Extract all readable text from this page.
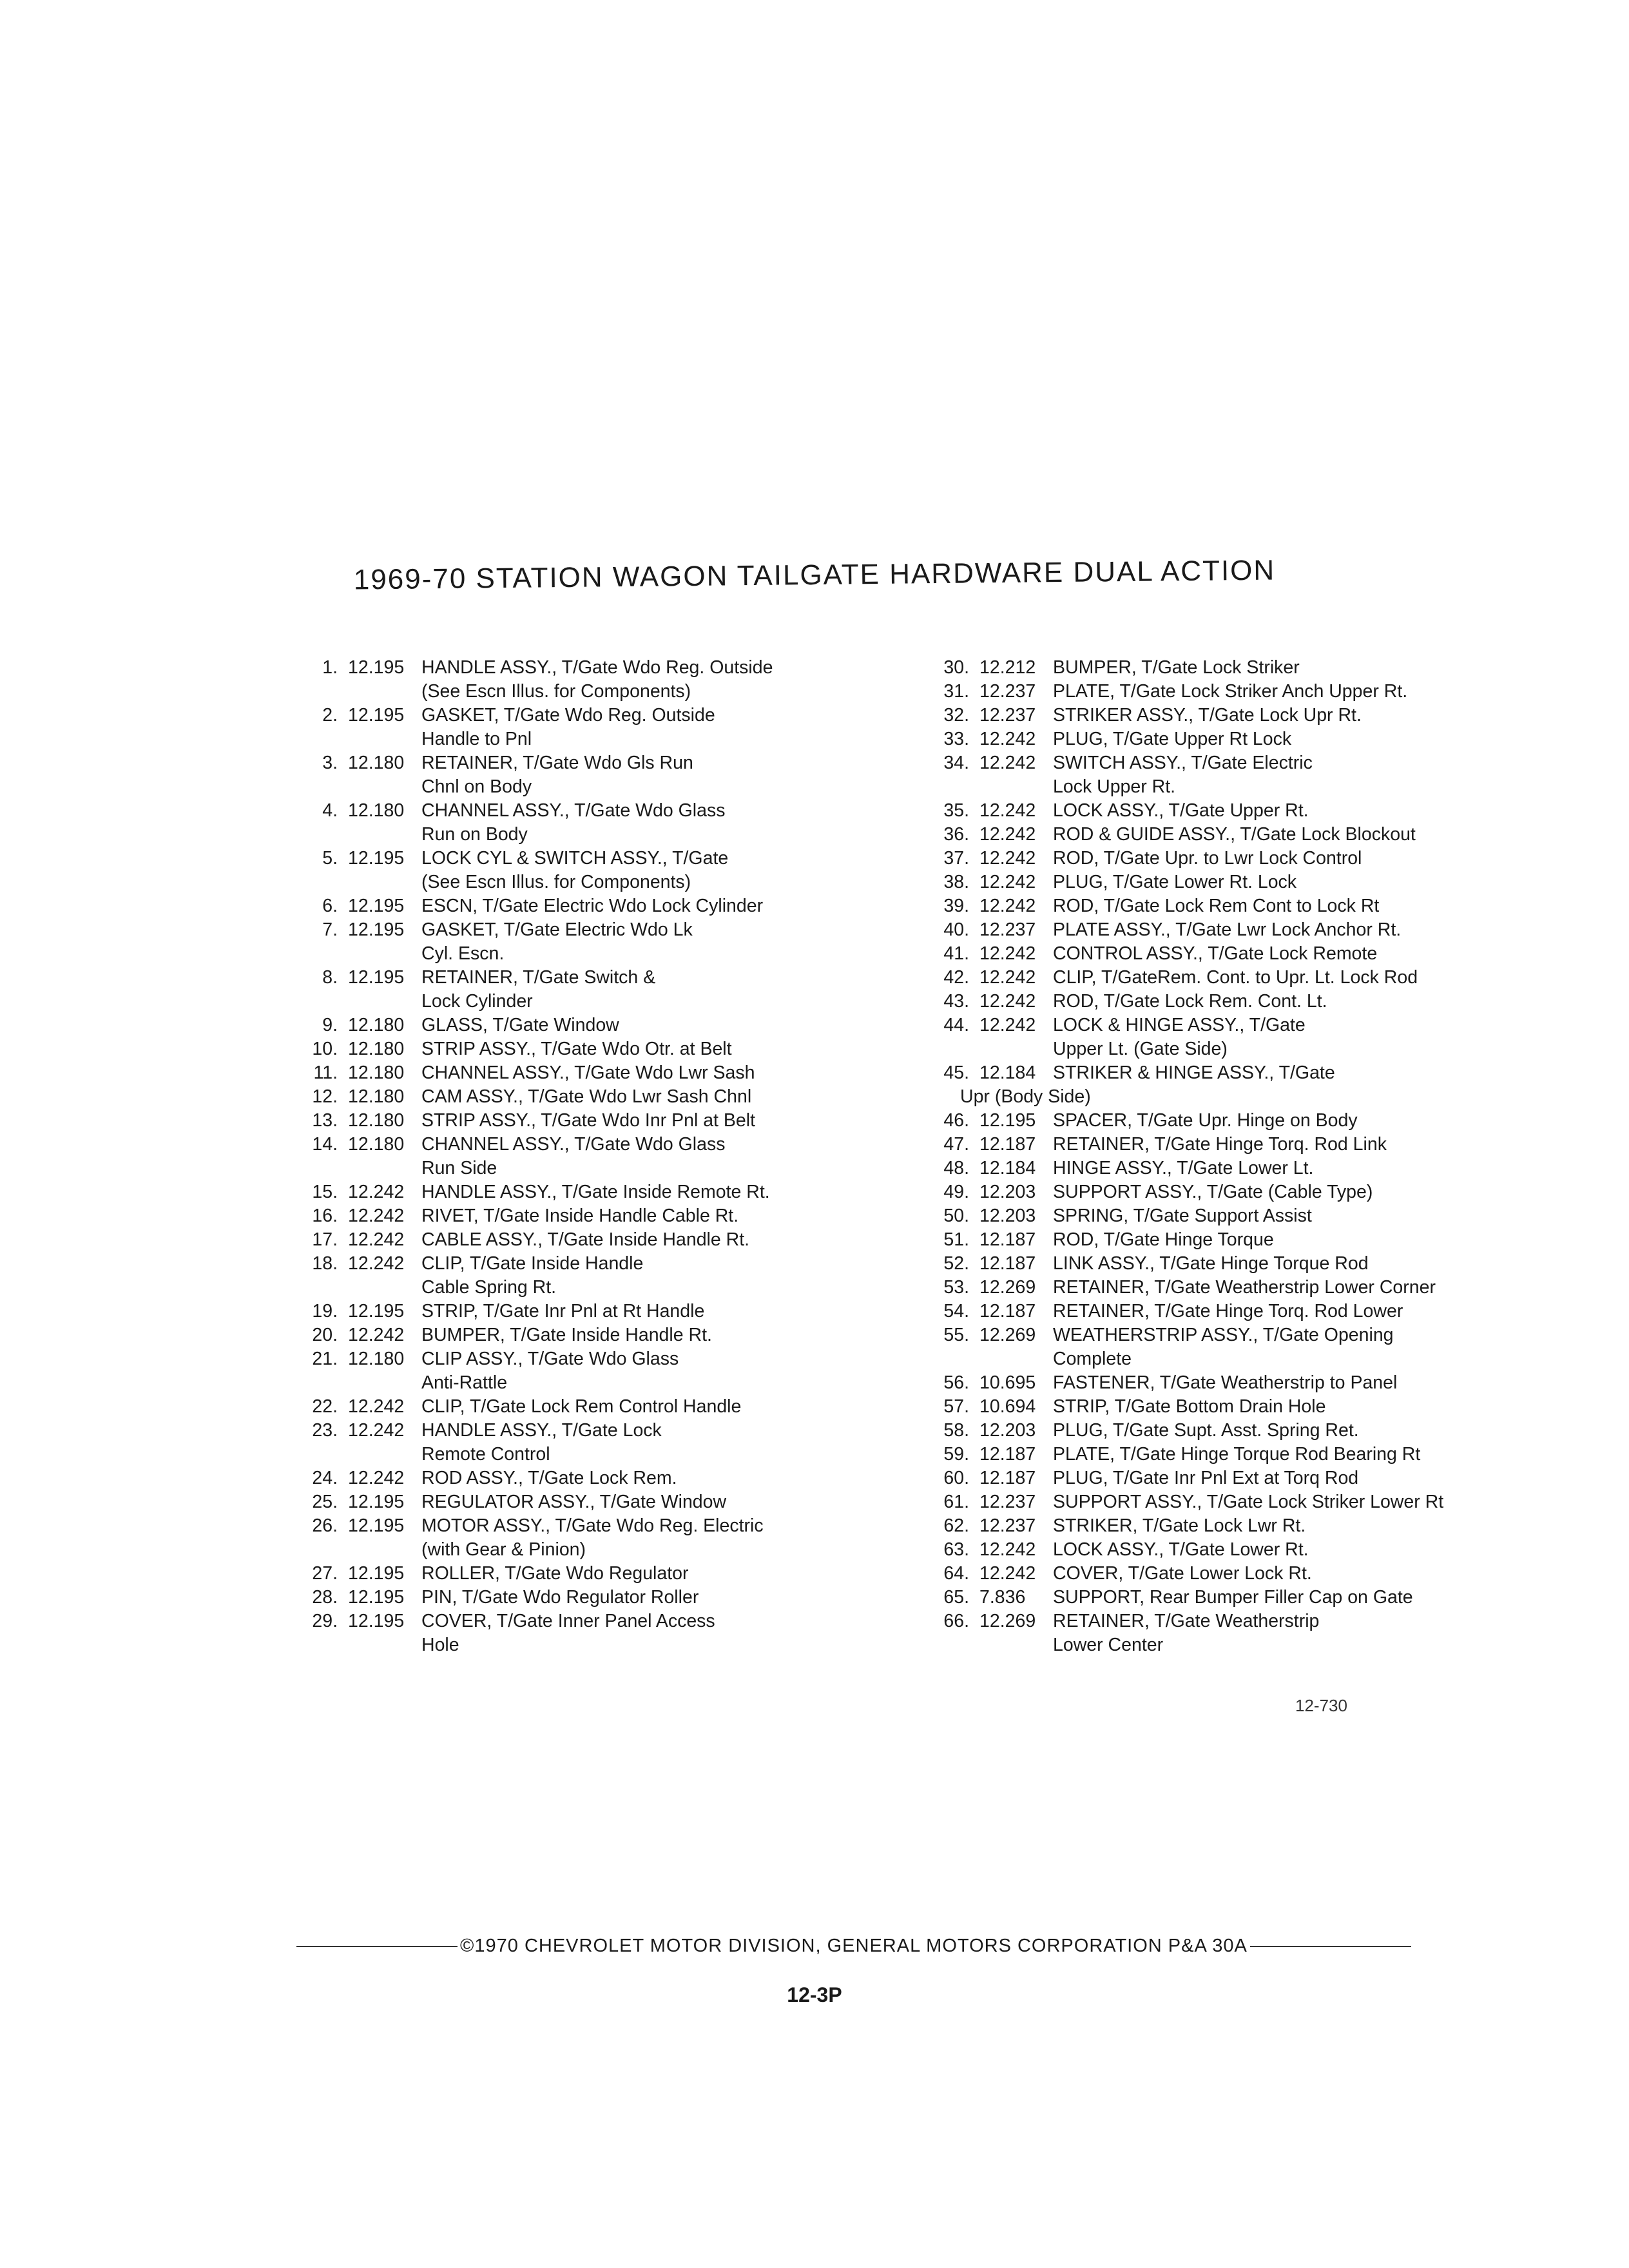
1969-70 STATION WAGON TAILGATE HARDWARE DUAL ACTION
1. 12.195 HANDLE ASSY., T/Gate Wdo Reg. Outside
(See Escn Illus. for Components)
2. 12.195 GASKET, T/Gate Wdo Reg. Outside
Handle to Pnl
3. 12.180 RETAINER, T/Gate Wdo Gls Run
Chnl on Body
4. 12.180 CHANNEL ASSY., T/Gate Wdo Glass
Run on Body
5. 12.195 LOCK CYL & SWITCH ASSY., T/Gate
(See Escn Illus. for Components)
6. 12.195 ESCN, T/Gate Electric Wdo Lock Cylinder
7. 12.195 GASKET, T/Gate Electric Wdo Lk
Cyl. Escn.
8. 12.195 RETAINER, T/Gate Switch &
Lock Cylinder
9. 12.180 GLASS, T/Gate Window
10. 12.180 STRIP ASSY., T/Gate Wdo Otr. at Belt
11. 12.180 CHANNEL ASSY., T/Gate Wdo Lwr Sash
12. 12.180 CAM ASSY., T/Gate Wdo Lwr Sash Chnl
13. 12.180 STRIP ASSY., T/Gate Wdo Inr Pnl at Belt
14. 12.180 CHANNEL ASSY., T/Gate Wdo Glass
Run Side
15. 12.242 HANDLE ASSY., T/Gate Inside Remote Rt.
16. 12.242 RIVET, T/Gate Inside Handle Cable Rt.
17. 12.242 CABLE ASSY., T/Gate Inside Handle Rt.
18. 12.242 CLIP, T/Gate Inside Handle
Cable Spring Rt.
19. 12.195 STRIP, T/Gate Inr Pnl at Rt Handle
20. 12.242 BUMPER, T/Gate Inside Handle Rt.
21. 12.180 CLIP ASSY., T/Gate Wdo Glass
Anti-Rattle
22. 12.242 CLIP, T/Gate Lock Rem Control Handle
23. 12.242 HANDLE ASSY., T/Gate Lock
Remote Control
24. 12.242 ROD ASSY., T/Gate Lock Rem.
25. 12.195 REGULATOR ASSY., T/Gate Window
26. 12.195 MOTOR ASSY., T/Gate Wdo Reg. Electric
(with Gear & Pinion)
27. 12.195 ROLLER, T/Gate Wdo Regulator
28. 12.195 PIN, T/Gate Wdo Regulator Roller
29. 12.195 COVER, T/Gate Inner Panel Access
Hole
30. 12.212 BUMPER, T/Gate Lock Striker
31. 12.237 PLATE, T/Gate Lock Striker Anch Upper Rt.
32. 12.237 STRIKER ASSY., T/Gate Lock Upr Rt.
33. 12.242 PLUG, T/Gate Upper Rt Lock
34. 12.242 SWITCH ASSY., T/Gate Electric
Lock Upper Rt.
35. 12.242 LOCK ASSY., T/Gate Upper Rt.
36. 12.242 ROD & GUIDE ASSY., T/Gate Lock Blockout
37. 12.242 ROD, T/Gate Upr. to Lwr Lock Control
38. 12.242 PLUG, T/Gate Lower Rt. Lock
39. 12.242 ROD, T/Gate Lock Rem Cont to Lock Rt
40. 12.237 PLATE ASSY., T/Gate Lwr Lock Anchor Rt.
41. 12.242 CONTROL ASSY., T/Gate Lock Remote
42. 12.242 CLIP, T/GateRem. Cont. to Upr. Lt. Lock Rod
43. 12.242 ROD, T/Gate Lock Rem. Cont. Lt.
44. 12.242 LOCK & HINGE ASSY., T/Gate
Upper Lt. (Gate Side)
45. 12.184 STRIKER & HINGE ASSY., T/Gate
Upr (Body Side)
46. 12.195 SPACER, T/Gate Upr. Hinge on Body
47. 12.187 RETAINER, T/Gate Hinge Torq. Rod Link
48. 12.184 HINGE ASSY., T/Gate Lower Lt.
49. 12.203 SUPPORT ASSY., T/Gate (Cable Type)
50. 12.203 SPRING, T/Gate Support Assist
51. 12.187 ROD, T/Gate Hinge Torque
52. 12.187 LINK ASSY., T/Gate Hinge Torque Rod
53. 12.269 RETAINER, T/Gate Weatherstrip Lower Corner
54. 12.187 RETAINER, T/Gate Hinge Torq. Rod Lower
55. 12.269 WEATHERSTRIP ASSY., T/Gate Opening
Complete
56. 10.695 FASTENER, T/Gate Weatherstrip to Panel
57. 10.694 STRIP, T/Gate Bottom Drain Hole
58. 12.203 PLUG, T/Gate Supt. Asst. Spring Ret.
59. 12.187 PLATE, T/Gate Hinge Torque Rod Bearing Rt
60. 12.187 PLUG, T/Gate Inr Pnl Ext at Torq Rod
61. 12.237 SUPPORT ASSY., T/Gate Lock Striker Lower Rt
62. 12.237 STRIKER, T/Gate Lock Lwr Rt.
63. 12.242 LOCK ASSY., T/Gate Lower Rt.
64. 12.242 COVER, T/Gate Lower Lock Rt.
65. 7.836	SUPPORT, Rear Bumper Filler Cap on Gate
66. 12.269 RETAINER, T/Gate Weatherstrip
Lower Center
12-730
©1970 CHEVROLET MOTOR DIVISION, GENERAL MOTORS CORPORATION P&A 30A
12-3P
